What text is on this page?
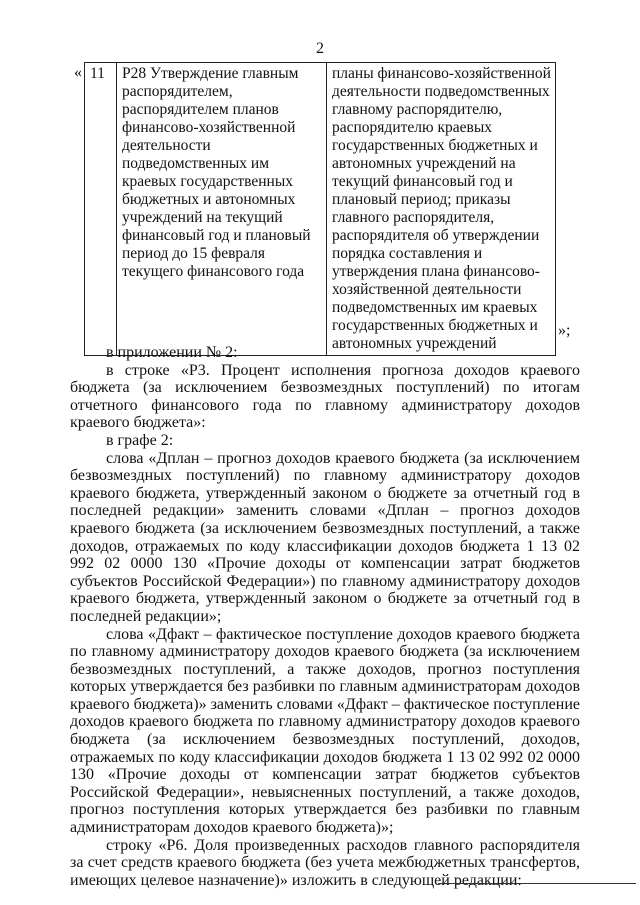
2
« 11	Р28 Утверждение главным распорядителем, распорядителем планов финансово-хозяйственной деятельности подведомственных им краевых государственных бюджетных и автономных учреждений на текущий финансовый год и плановый период до 15 февраля текущего финансового года	планы финансово-хозяйственной деятельности подведомственных главному распорядителю, распорядителю краевых государственных бюджетных и автономных учреждений на текущий финансовый год и плановый период; приказы главного распорядителя, распорядителя об утверждении порядка составления и утверждения плана финансово-хозяйственной деятельности подведомственных им краевых государственных бюджетных и автономных учреждений
»;

в приложении № 2:

в строке «Р3. Процент исполнения прогноза доходов краевого бюджета (за исключением безвозмездных поступлений) по итогам отчетного финансового года по главному администратору доходов краевого бюджета»:

в графе 2:

слова «Дплан – прогноз доходов краевого бюджета (за исключением безвозмездных поступлений) по главному администратору доходов краевого бюджета, утвержденный законом о бюджете за отчетный год в последней редакции» заменить словами «Дплан – прогноз доходов краевого бюджета (за исключением безвозмездных поступлений, а также доходов, отражаемых по коду классификации доходов бюджета 1 13 02 992 02 0000 130 «Прочие доходы от компенсации затрат бюджетов субъектов Российской Федерации») по главному администратору доходов краевого бюджета, утвержденный законом о бюджете за отчетный год в последней редакции»;

слова «Дфакт – фактическое поступление доходов краевого бюджета по главному администратору доходов краевого бюджета (за исключением безвозмездных поступлений, а также доходов, прогноз поступления которых утверждается без разбивки по главным администраторам доходов краевого бюджета)» заменить словами «Дфакт – фактическое поступление доходов краевого бюджета по главному администратору доходов краевого бюджета (за исключением безвозмездных поступлений, доходов, отражаемых по коду классификации доходов бюджета 1 13 02 992 02 0000 130 «Прочие доходы от компенсации затрат бюджетов субъектов Российской Федерации», невыясненных поступлений, а также доходов, прогноз поступления которых утверждается без разбивки по главным администраторам доходов краевого бюджета)»;

строку «Р6. Доля произведенных расходов главного распорядителя за счет средств краевого бюджета (без учета межбюджетных трансфертов, имеющих целевое назначение)» изложить в следующей редакции:
